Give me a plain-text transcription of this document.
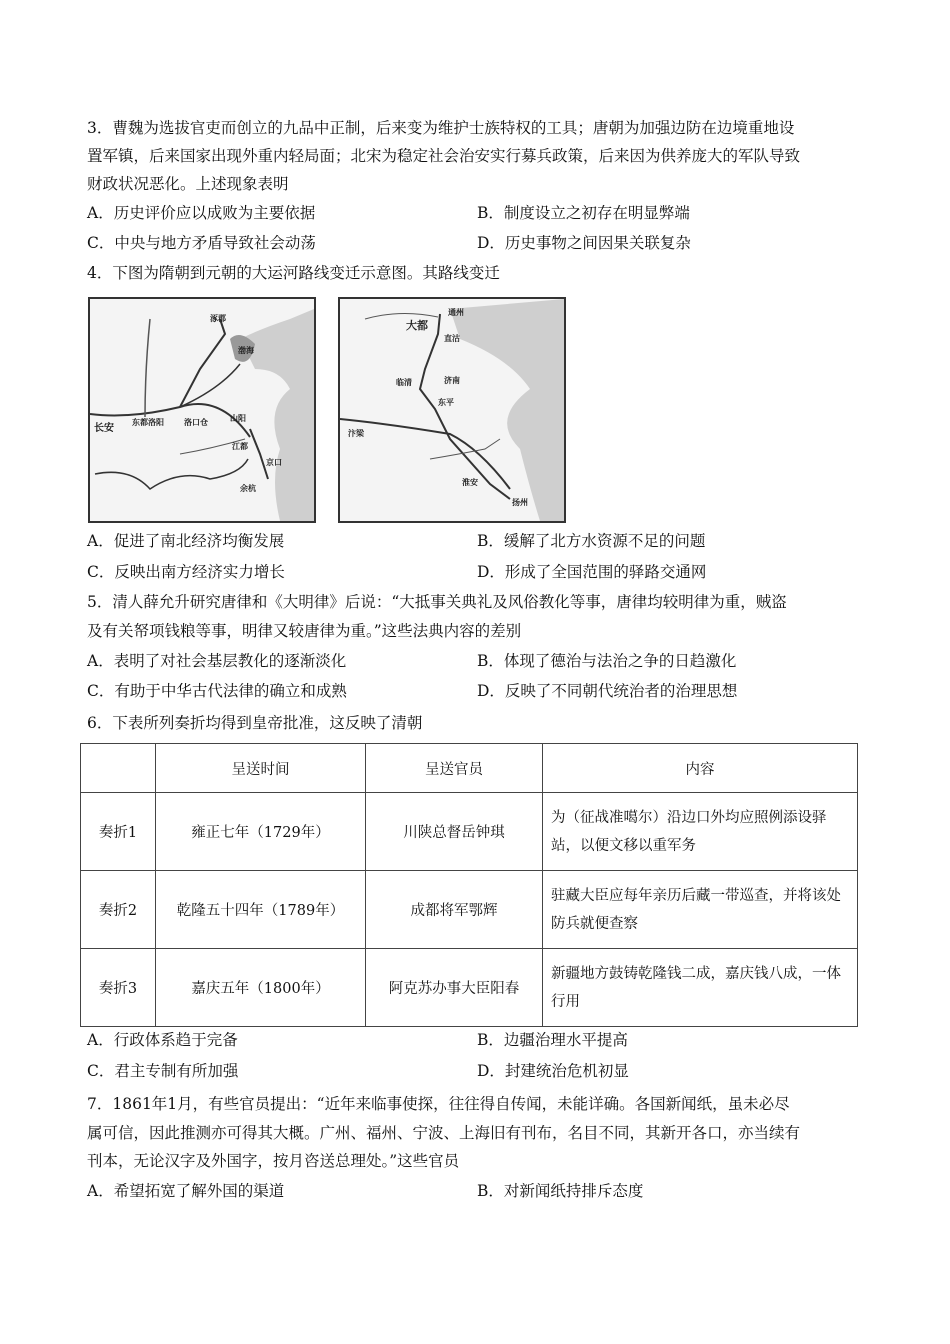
3．曹魏为选拔官吏而创立的九品中正制，后来变为维护士族特权的工具；唐朝为加强边防在边境重地设
置军镇，后来国家出现外重内轻局面；北宋为稳定社会治安实行募兵政策，后来因为供养庞大的军队导致
财政状况恶化。上述现象表明
A．历史评价应以成败为主要依据	B．制度设立之初存在明显弊端
C．中央与地方矛盾导致社会动荡	D．历史事物之间因果关联复杂
4．下图为隋朝到元朝的大运河路线变迁示意图。其路线变迁
涿郡
渤海
长安
东都洛阳	洛口仓	山阳
江都
京口
余杭
大都
通州
直沽
临清	济南
东平
汴梁
淮安
扬州
A．促进了南北经济均衡发展	B．缓解了北方水资源不足的问题
C．反映出南方经济实力增长	D．形成了全国范围的驿路交通网
5．清人薛允升研究唐律和《大明律》后说：“大抵事关典礼及风俗教化等事，唐律均较明律为重，贼盗
及有关帑项钱粮等事，明律又较唐律为重。”这些法典内容的差别
A．表明了对社会基层教化的逐渐淡化	B．体现了德治与法治之争的日趋激化
C．有助于中华古代法律的确立和成熟	D．反映了不同朝代统治者的治理思想
6．下表所列奏折均得到皇帝批准，这反映了清朝
	呈送时间	呈送官员	内容
奏折1	雍正七年（1729年）	川陕总督岳钟琪	为（征战准噶尔）沿边口外均应照例添设驿站，以便文移以重军务
奏折2	乾隆五十四年（1789年）	成都将军鄂辉	驻藏大臣应每年亲历后藏一带巡查，并将该处防兵就便查察
奏折3	嘉庆五年（1800年）	阿克苏办事大臣阳春	新疆地方鼓铸乾隆钱二成，嘉庆钱八成，一体行用
A．行政体系趋于完备	B．边疆治理水平提高
C．君主专制有所加强	D．封建统治危机初显
7．1861年1月，有些官员提出：“近年来临事使探，往往得自传闻，未能详确。各国新闻纸，虽未必尽
属可信，因此推测亦可得其大概。广州、福州、宁波、上海旧有刊布，名目不同，其新开各口，亦当续有
刊本，无论汉字及外国字，按月咨送总理处。”这些官员
A．希望拓宽了解外国的渠道	B．对新闻纸持排斥态度
